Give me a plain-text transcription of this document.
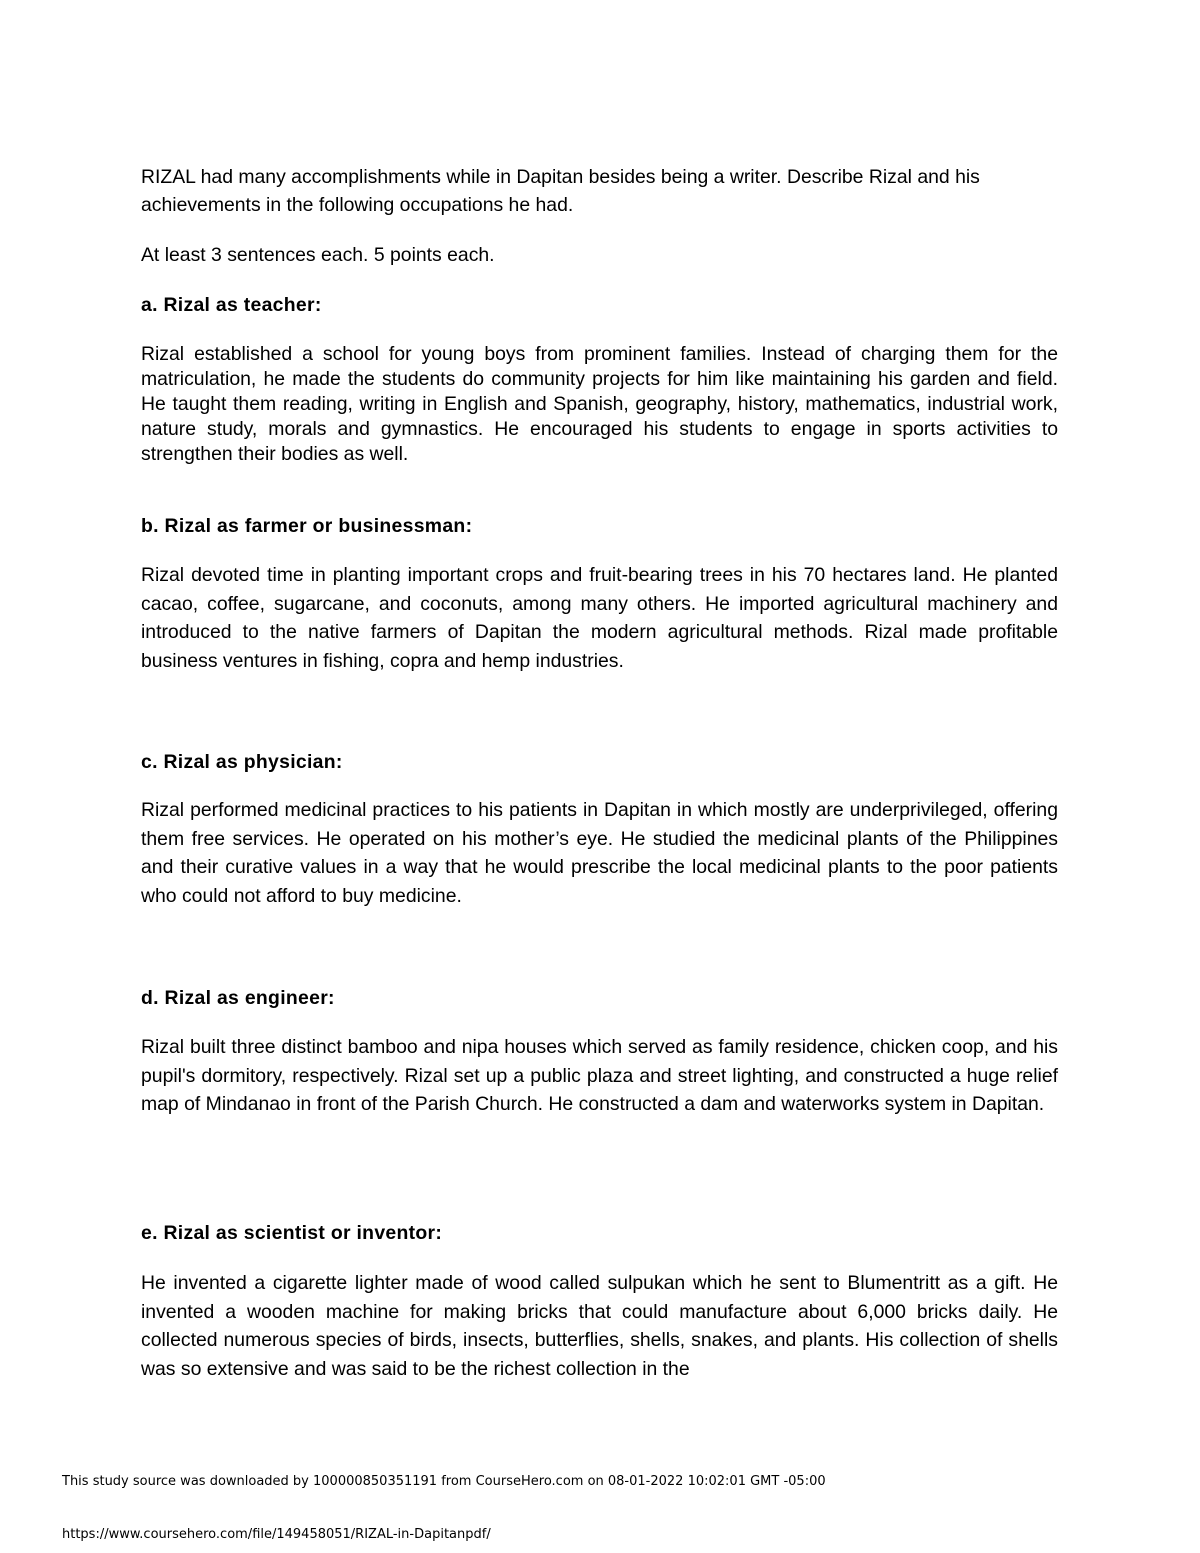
RIZAL had many accomplishments while in Dapitan besides being a writer. Describe Rizal and his achievements in the following occupations he had.

At least 3 sentences each. 5 points each.

a. Rizal as teacher:

Rizal established a school for young boys from prominent families. Instead of charging them for the matriculation, he made the students do community projects for him like maintaining his garden and field. He taught them reading, writing in English and Spanish, geography, history, mathematics, industrial work, nature study, morals and gymnastics. He encouraged his students to engage in sports activities to strengthen their bodies as well.

b. Rizal as farmer or businessman:

Rizal devoted time in planting important crops and fruit-bearing trees in his 70 hectares land. He planted cacao, coffee, sugarcane, and coconuts, among many others. He imported agricultural machinery and introduced to the native farmers of Dapitan the modern agricultural methods. Rizal made profitable business ventures in fishing, copra and hemp industries.

c. Rizal as physician:

Rizal performed medicinal practices to his patients in Dapitan in which mostly are underprivileged, offering them free services. He operated on his mother’s eye. He studied the medicinal plants of the Philippines and their curative values in a way that he would prescribe the local medicinal plants to the poor patients who could not afford to buy medicine.

d. Rizal as engineer:

Rizal built three distinct bamboo and nipa houses which served as family residence, chicken coop, and his pupil's dormitory, respectively. Rizal set up a public plaza and street lighting, and constructed a huge relief map of Mindanao in front of the Parish Church. He constructed a dam and waterworks system in Dapitan.

e. Rizal as scientist or inventor:

He invented a cigarette lighter made of wood called sulpukan which he sent to Blumentritt as a gift. He invented a wooden machine for making bricks that could manufacture about 6,000 bricks daily. He collected numerous species of birds, insects, butterflies, shells, snakes, and plants. His collection of shells was so extensive and was said to be the richest collection in the

This study source was downloaded by 100000850351191 from CourseHero.com on 08-01-2022 10:02:01 GMT -05:00
https://www.coursehero.com/file/149458051/RIZAL-in-Dapitanpdf/
